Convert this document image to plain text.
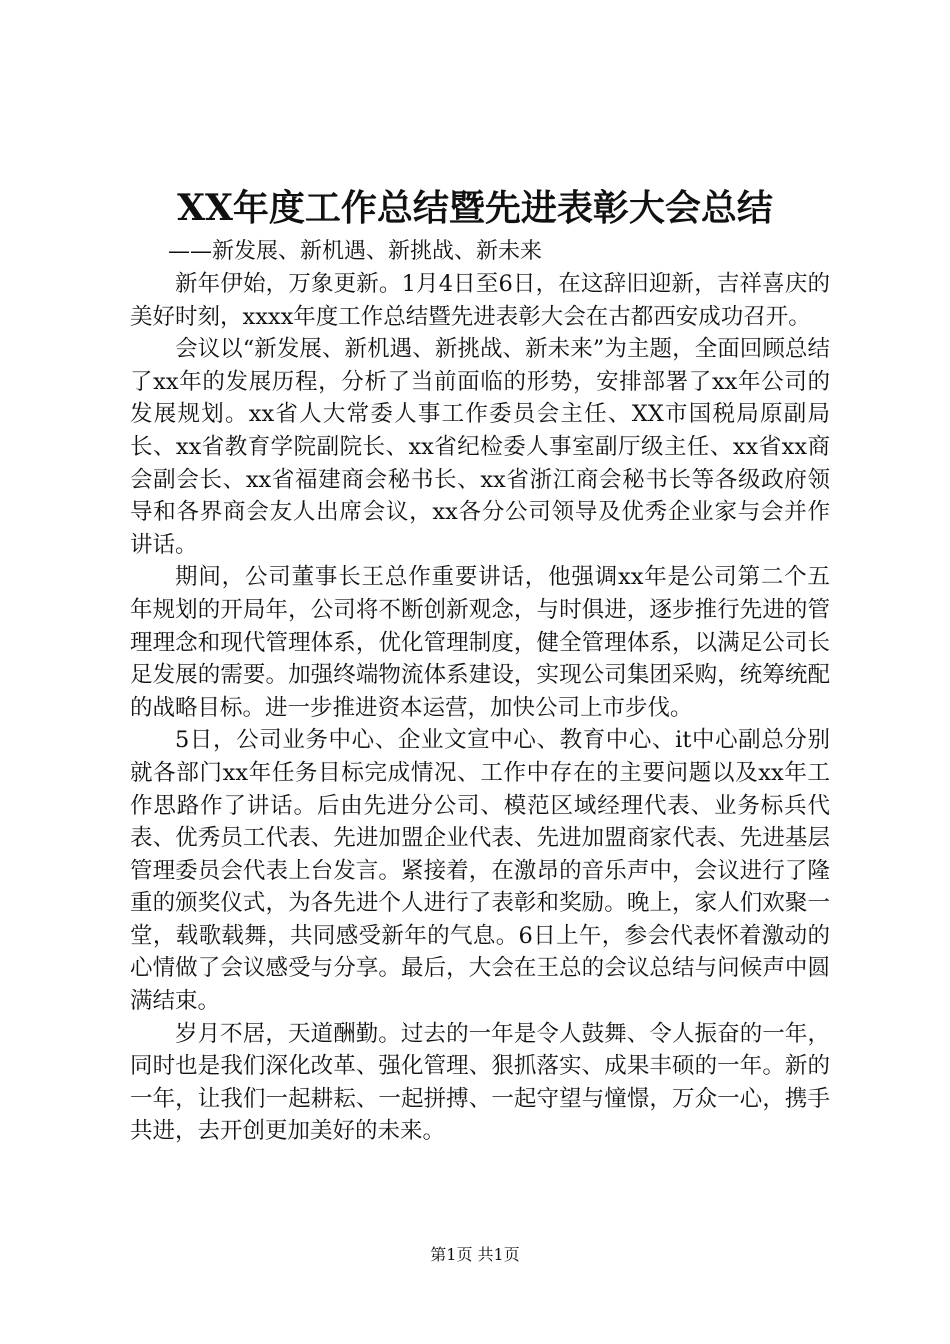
XX年度工作总结暨先进表彰大会总结
——新发展、新机遇、新挑战、新未来

新年伊始，万象更新。1月4日至6日，在这辞旧迎新，吉祥喜庆的美好时刻，xxxx年度工作总结暨先进表彰大会在古都西安成功召开。

会议以“新发展、新机遇、新挑战、新未来”为主题，全面回顾总结了xx年的发展历程，分析了当前面临的形势，安排部署了xx年公司的发展规划。xx省人大常委人事工作委员会主任、XX市国税局原副局长、xx省教育学院副院长、xx省纪检委人事室副厅级主任、xx省xx商会副会长、xx省福建商会秘书长、xx省浙江商会秘书长等各级政府领导和各界商会友人出席会议，xx各分公司领导及优秀企业家与会并作讲话。

期间，公司董事长王总作重要讲话，他强调xx年是公司第二个五年规划的开局年，公司将不断创新观念，与时俱进，逐步推行先进的管理理念和现代管理体系，优化管理制度，健全管理体系，以满足公司长足发展的需要。加强终端物流体系建设，实现公司集团采购，统筹统配的战略目标。进一步推进资本运营，加快公司上市步伐。

5日，公司业务中心、企业文宣中心、教育中心、it中心副总分别就各部门xx年任务目标完成情况、工作中存在的主要问题以及xx年工作思路作了讲话。后由先进分公司、模范区域经理代表、业务标兵代表、优秀员工代表、先进加盟企业代表、先进加盟商家代表、先进基层管理委员会代表上台发言。紧接着，在激昂的音乐声中，会议进行了隆重的颁奖仪式，为各先进个人进行了表彰和奖励。晚上，家人们欢聚一堂，载歌载舞，共同感受新年的气息。6日上午，参会代表怀着激动的心情做了会议感受与分享。最后，大会在王总的会议总结与问候声中圆满结束。

岁月不居，天道酬勤。过去的一年是令人鼓舞、令人振奋的一年，同时也是我们深化改革、强化管理、狠抓落实、成果丰硕的一年。新的一年，让我们一起耕耘、一起拼搏、一起守望与憧憬，万众一心，携手共进，去开创更加美好的未来。

第1页 共1页
